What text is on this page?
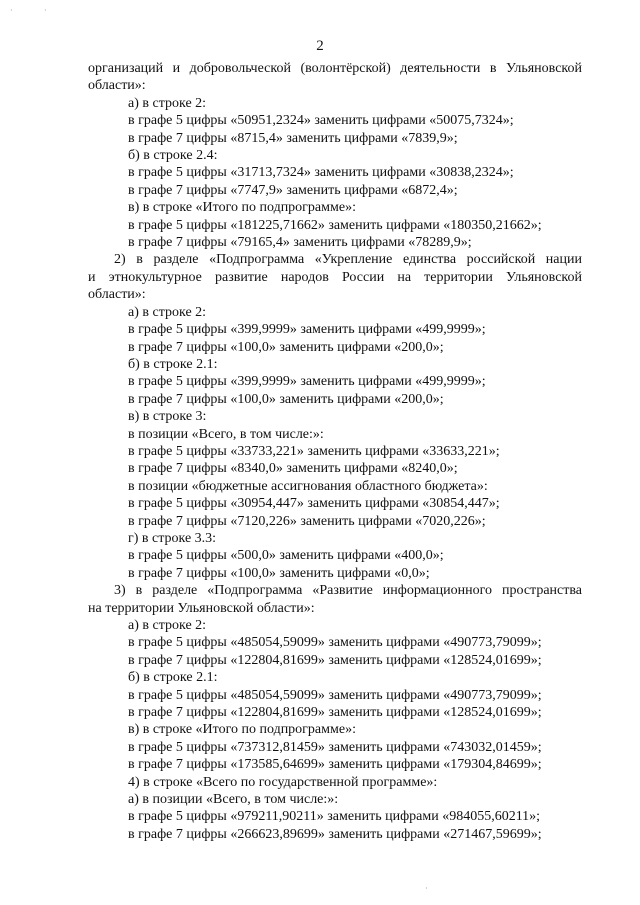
·	·
·
2
организаций и добровольческой (волонтёрской) деятельности в Ульяновской
области»:
а) в строке 2:
в графе 5 цифры «50951,2324» заменить цифрами «50075,7324»;
в графе 7 цифры «8715,4» заменить цифрами «7839,9»;
б) в строке 2.4:
в графе 5 цифры «31713,7324» заменить цифрами «30838,2324»;
в графе 7 цифры «7747,9» заменить цифрами «6872,4»;
в) в строке «Итого по подпрограмме»:
в графе 5 цифры «181225,71662» заменить цифрами «180350,21662»;
в графе 7 цифры «79165,4» заменить цифрами «78289,9»;
2) в разделе «Подпрограмма «Укрепление единства российской нации
и этнокультурное развитие народов России на территории Ульяновской
области»:
а) в строке 2:
в графе 5 цифры «399,9999» заменить цифрами «499,9999»;
в графе 7 цифры «100,0» заменить цифрами «200,0»;
б) в строке 2.1:
в графе 5 цифры «399,9999» заменить цифрами «499,9999»;
в графе 7 цифры «100,0» заменить цифрами «200,0»;
в) в строке 3:
в позиции «Всего, в том числе:»:
в графе 5 цифры «33733,221» заменить цифрами «33633,221»;
в графе 7 цифры «8340,0» заменить цифрами «8240,0»;
в позиции «бюджетные ассигнования областного бюджета»:
в графе 5 цифры «30954,447» заменить цифрами «30854,447»;
в графе 7 цифры «7120,226» заменить цифрами «7020,226»;
г) в строке 3.3:
в графе 5 цифры «500,0» заменить цифрами «400,0»;
в графе 7 цифры «100,0» заменить цифрами «0,0»;
3) в разделе «Подпрограмма «Развитие информационного пространства
на территории Ульяновской области»:
а) в строке 2:
в графе 5 цифры «485054,59099» заменить цифрами «490773,79099»;
в графе 7 цифры «122804,81699» заменить цифрами «128524,01699»;
б) в строке 2.1:
в графе 5 цифры «485054,59099» заменить цифрами «490773,79099»;
в графе 7 цифры «122804,81699» заменить цифрами «128524,01699»;
в) в строке «Итого по подпрограмме»:
в графе 5 цифры «737312,81459» заменить цифрами «743032,01459»;
в графе 7 цифры «173585,64699» заменить цифрами «179304,84699»;
4) в строке «Всего по государственной программе»:
а) в позиции «Всего, в том числе:»:
в графе 5 цифры «979211,90211» заменить цифрами «984055,60211»;
в графе 7 цифры «266623,89699» заменить цифрами «271467,59699»;
